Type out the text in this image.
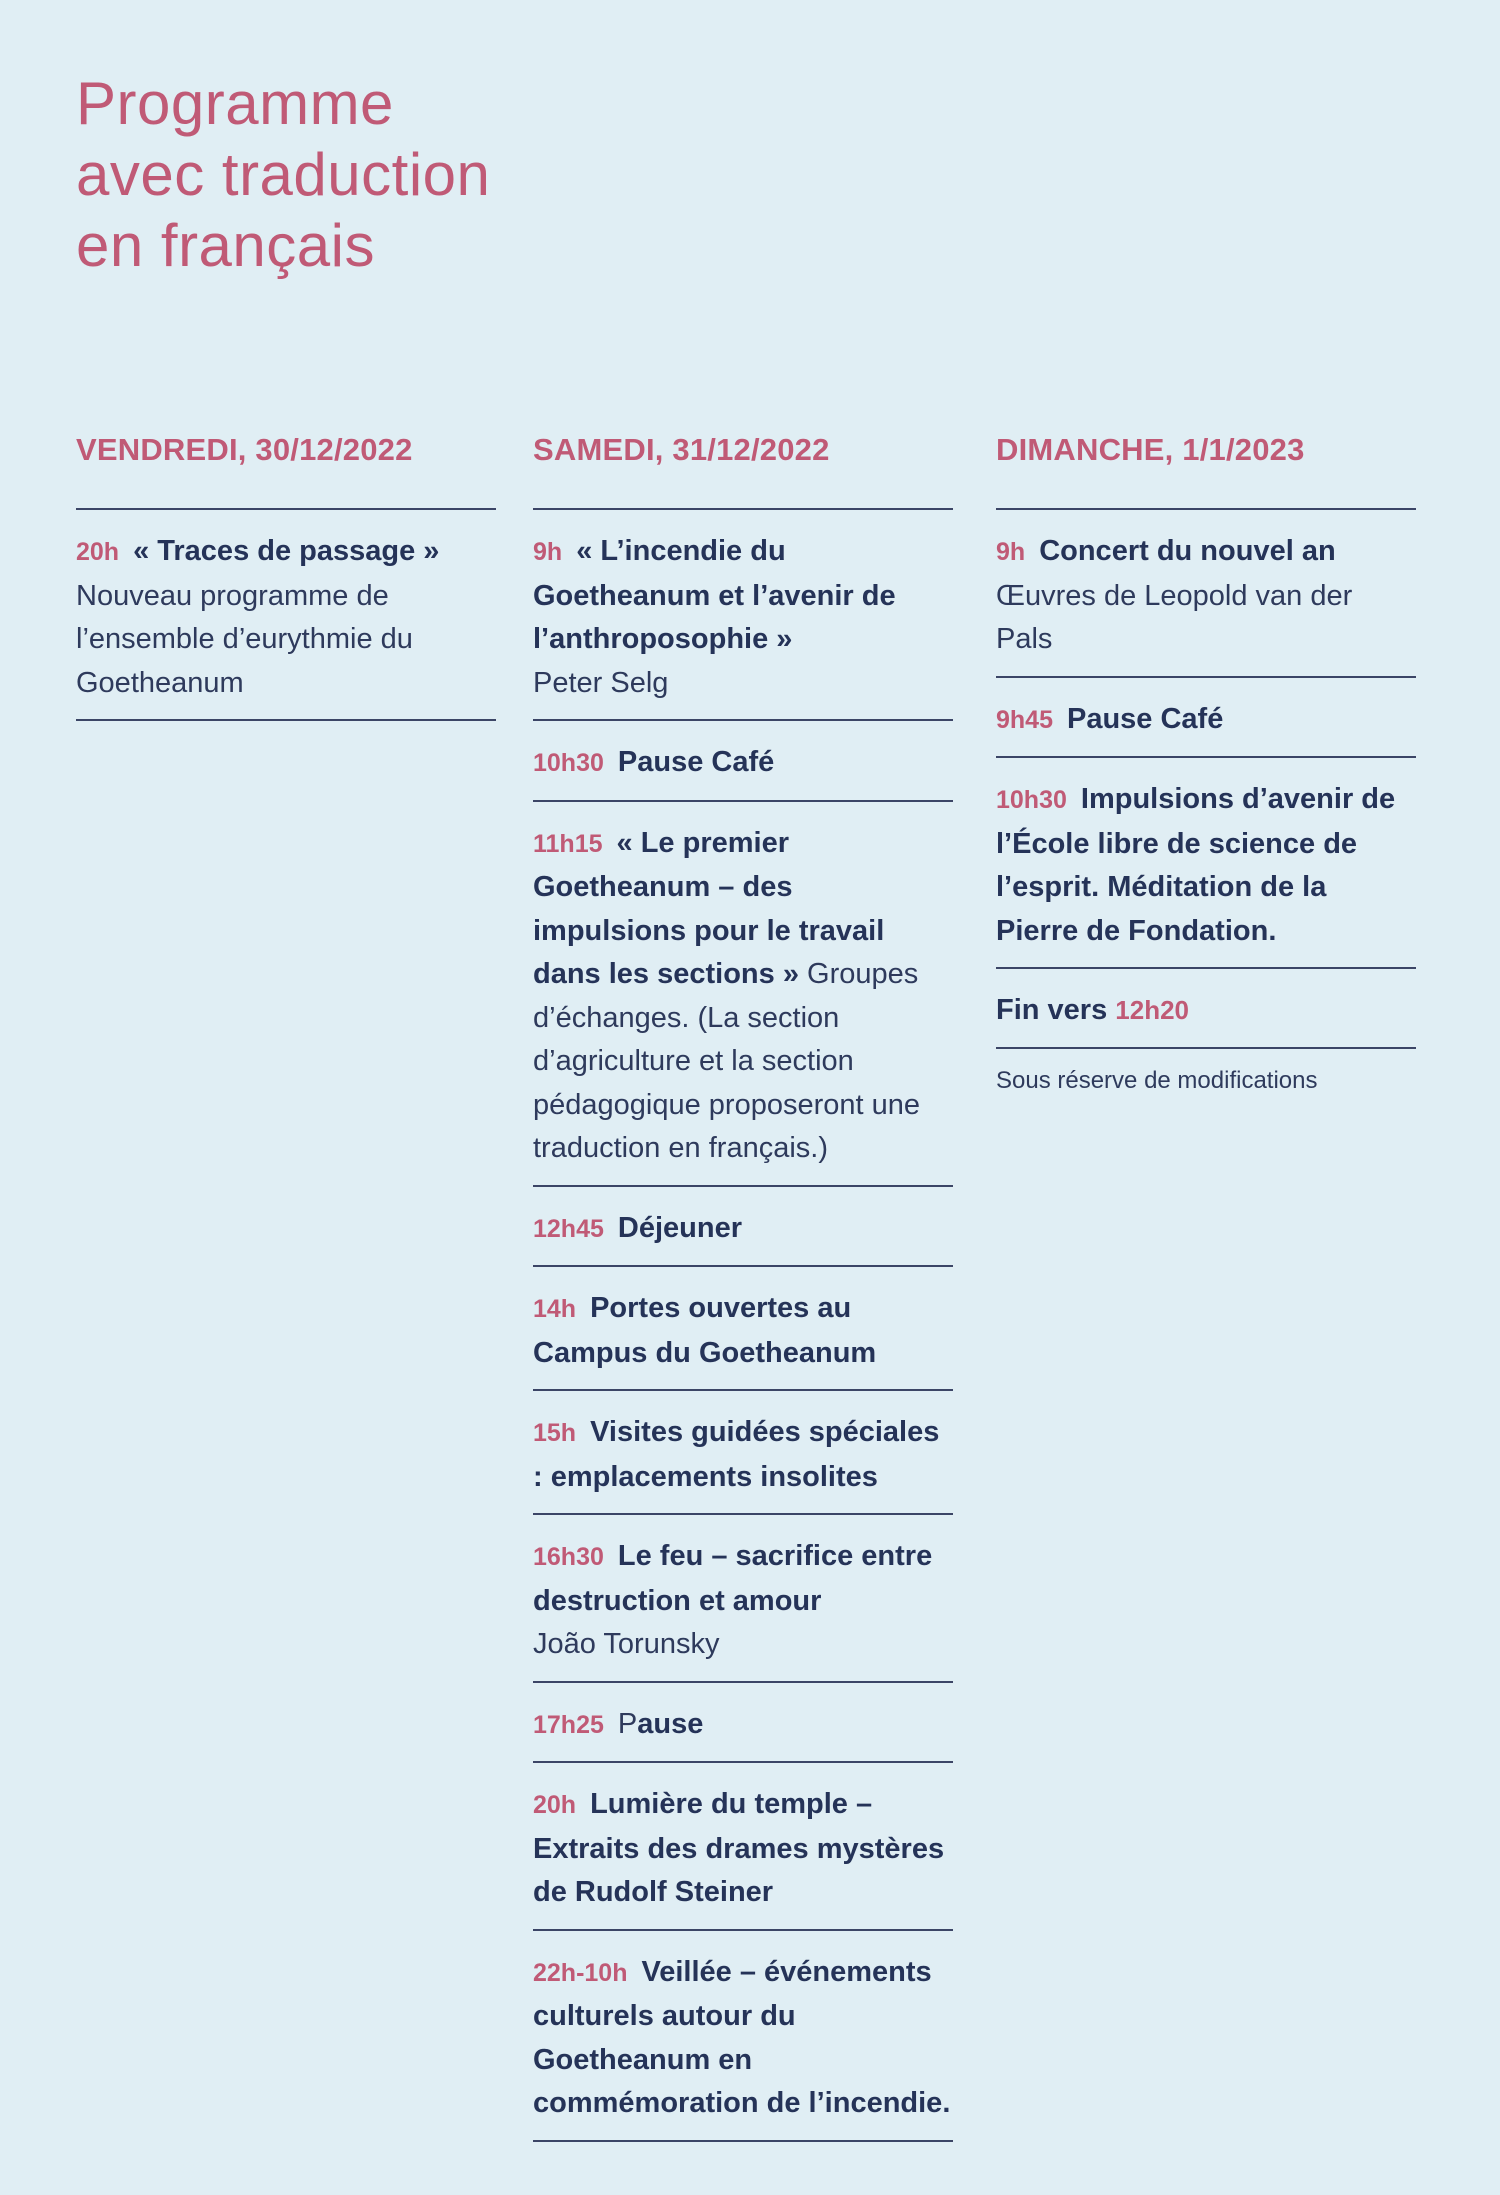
Programme
avec traduction
en français
VENDREDI, 30/12/2022
20h « Traces de passage »
Nouveau programme de l’ensemble d’eurythmie du Goetheanum
SAMEDI, 31/12/2022
9h « L’incendie du Goetheanum et l’avenir de l’anthroposophie »
Peter Selg
10h30 Pause Café
11h15 « Le premier Goetheanum – des impulsions pour le travail dans les sections » Groupes d’échanges. (La section d’agriculture et la section pédagogique proposeront une traduction en français.)
12h45 Déjeuner
14h Portes ouvertes au Campus du Goetheanum
15h Visites guidées spéciales : emplacements insolites
16h30 Le feu – sacrifice entre destruction et amour
João Torunsky
17h25 Pause
20h Lumière du temple – Extraits des drames mystères de Rudolf Steiner
22h-10h Veillée – événements culturels autour du Goetheanum en commémoration de l’incendie.
DIMANCHE, 1/1/2023
9h Concert du nouvel an
Œuvres de Leopold van der Pals
9h45 Pause Café
10h30 Impulsions d’avenir de l’École libre de science de l’esprit. Méditation de la Pierre de Fondation.
Fin vers 12h20
Sous réserve de modifications
